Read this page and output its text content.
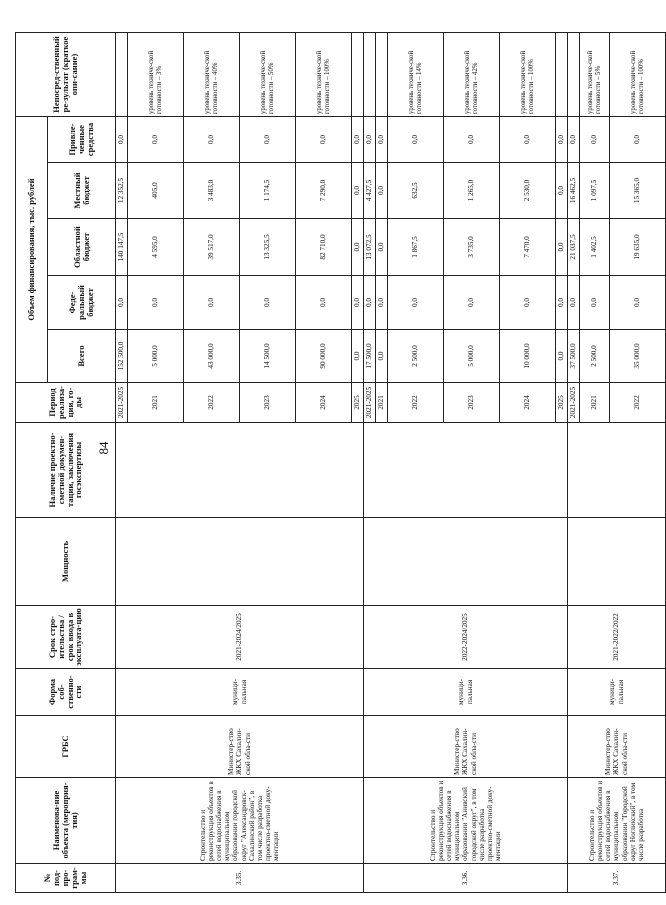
84
№ под-про-грам-мы	Наименова-ние объекта (мероприя-тия)	ГРБС	Форма соб-ственно-сти	Срок стро-ительства / срок ввода в эксплуата-цию	Мощность	Наличие проектно-сметной докумен-тации, заключения госэкспертизы	Период реализа-ции, го-ды	Объем финансирования, тыс. рублей					Непосред-ственный ре-зультат (краткое опи-сание)
								Всего	Феде-ральный бюджет	Областной бюджет	Местный бюджет	Привле-ченные средства	
3.35.	Строительство и реконструкция объектов в сетей водоснабжения в муниципальном образовании городской округ "Александровск-Сахалинский район", в том числе разработка проектно-сметной доку-ментации	Министер-ство ЖКХ Сахалин-ской обла-сти	муници-пальная	2021-2024/2025			2021-2025	152 500,0	0,0	140 147,5	12 352,5	0,0	
							2021	5 000,0	0,0	4 595,0	405,0	0,0	уровень техниче-ской готовности – 3%
							2022	43 000,0	0,0	39 517,0	3 483,0	0,0	уровень техниче-ской готовности – 40%
							2023	14 500,0	0,0	13 325,5	1 174,5	0,0	уровень техниче-ской готовности – 50%
							2024	90 000,0	0,0	82 710,0	7 290,0	0,0	уровень техниче-ской готовности – 100%
							2025	0,0	0,0	0,0	0,0	0,0	
3.36.	Строительство и реконструкция объектов и сетей водоснабжения в муниципальном образовании "Анивский городской округ", в том числе разработка проектно-сметной доку-ментации	Министер-ство ЖКХ Сахалин-ской обла-сти	муници-пальная	2022-2024/2025			2021-2025	17 500,0	0,0	13 072,5	4 427,5	0,0	
							2021	0,0	0,0	0,0	0,0	0,0	
							2022	2 500,0	0,0	1 867,5	632,5	0,0	уровень техниче-ской готовности – 14%
							2023	5 000,0	0,0	3 735,0	1 265,0	0,0	уровень техниче-ской готовности – 42%
							2024	10 000,0	0,0	7 470,0	2 530,0	0,0	уровень техниче-ской готовности – 100%
							2025	0,0	0,0	0,0	0,0	0,0	
3.37.	Строительство и реконструкция объектов и сетей водоснабжения в муниципальном образовании "Городской округ Ногликский", в том числе разработка	Министер-ство ЖКХ Сахалин-ской обла-сти	муници-пальная	2021-2022/2022			2021-2025	37 500,0	0,0	21 037,5	16 462,5	0,0	
							2021	2 500,0	0,0	1 402,5	1 097,5	0,0	уровень техниче-ской готовности – 5%
							2022	35 000,0	0,0	19 635,0	15 365,0	0,0	уровень техниче-ской готовности – 100%
